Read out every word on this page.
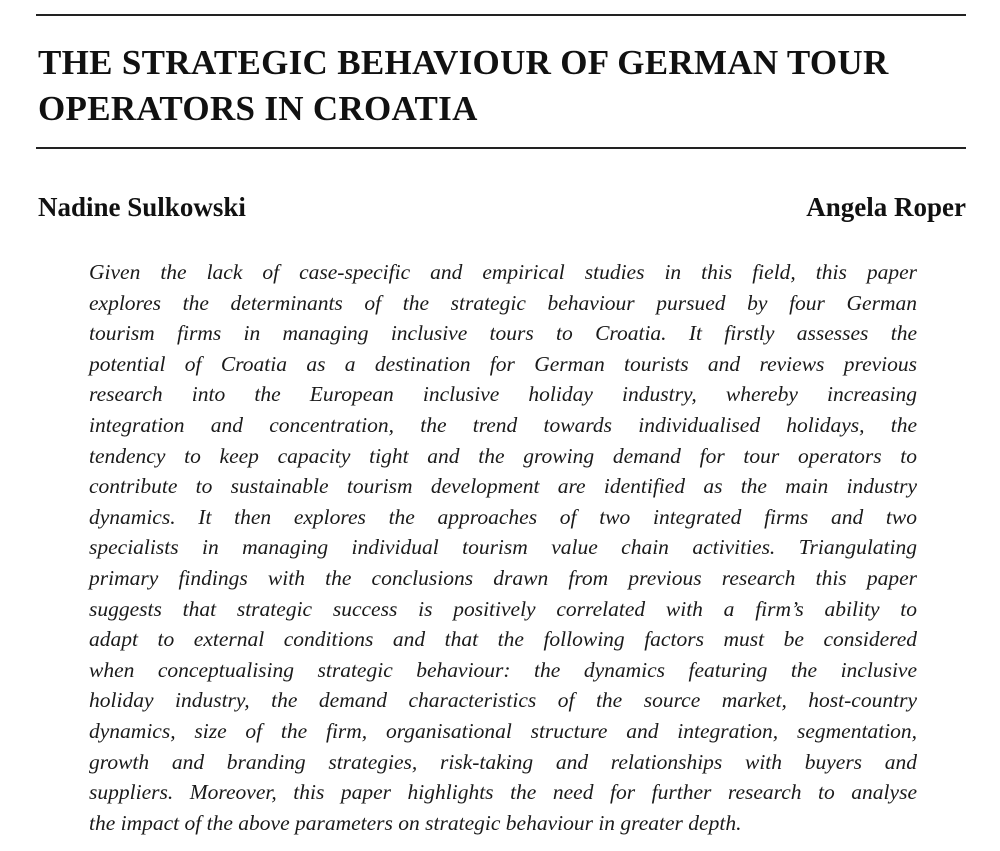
THE STRATEGIC BEHAVIOUR OF GERMAN TOUR
OPERATORS IN CROATIA
Nadine Sulkowski	Angela Roper
Given the lack of case-specific and empirical studies in this field, this paper
explores the determinants of the strategic behaviour pursued by four German
tourism firms in managing inclusive tours to Croatia. It firstly assesses the
potential of Croatia as a destination for German tourists and reviews previous
research into the European inclusive holiday industry, whereby increasing
integration and concentration, the trend towards individualised holidays, the
tendency to keep capacity tight and the growing demand for tour operators to
contribute to sustainable tourism development are identified as the main industry
dynamics. It then explores the approaches of two integrated firms and two
specialists in managing individual tourism value chain activities. Triangulating
primary findings with the conclusions drawn from previous research this paper
suggests that strategic success is positively correlated with a firm’s ability to
adapt to external conditions and that the following factors must be considered
when conceptualising strategic behaviour: the dynamics featuring the inclusive
holiday industry, the demand characteristics of the source market, host-country
dynamics, size of the firm, organisational structure and integration, segmentation,
growth and branding strategies, risk-taking and relationships with buyers and
suppliers. Moreover, this paper highlights the need for further research to analyse
the impact of the above parameters on strategic behaviour in greater depth.
